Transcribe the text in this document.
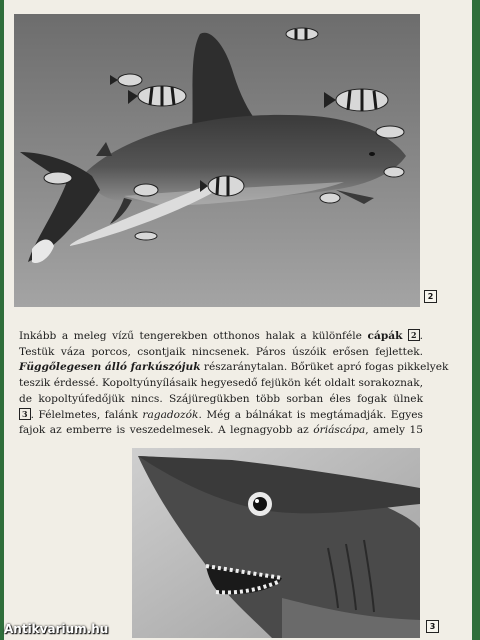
2
Inkább a meleg vízű tengerekben otthonos halak a különféle cápák 2 .
Testük váza porcos, csontjaik nincsenek. Páros úszóik erősen fejlettek.
Függőlegesen álló farkúszójuk részaránytalan. Bőrüket apró fogas pikkelyek
teszik érdessé. Kopoltyúnyílásaik hegyesedő fejükön két oldalt sorakoznak,
de kopoltyúfedőjük nincs. Szájüregükben több sorban éles fogak ülnek
3 . Félelmetes, falánk ragadozók. Még a bálnákat is megtámadják. Egyes
fajok az emberre is veszedelmesek. A legnagyobb az óriáscápa, amely 15
3
Antikvarium.hu
